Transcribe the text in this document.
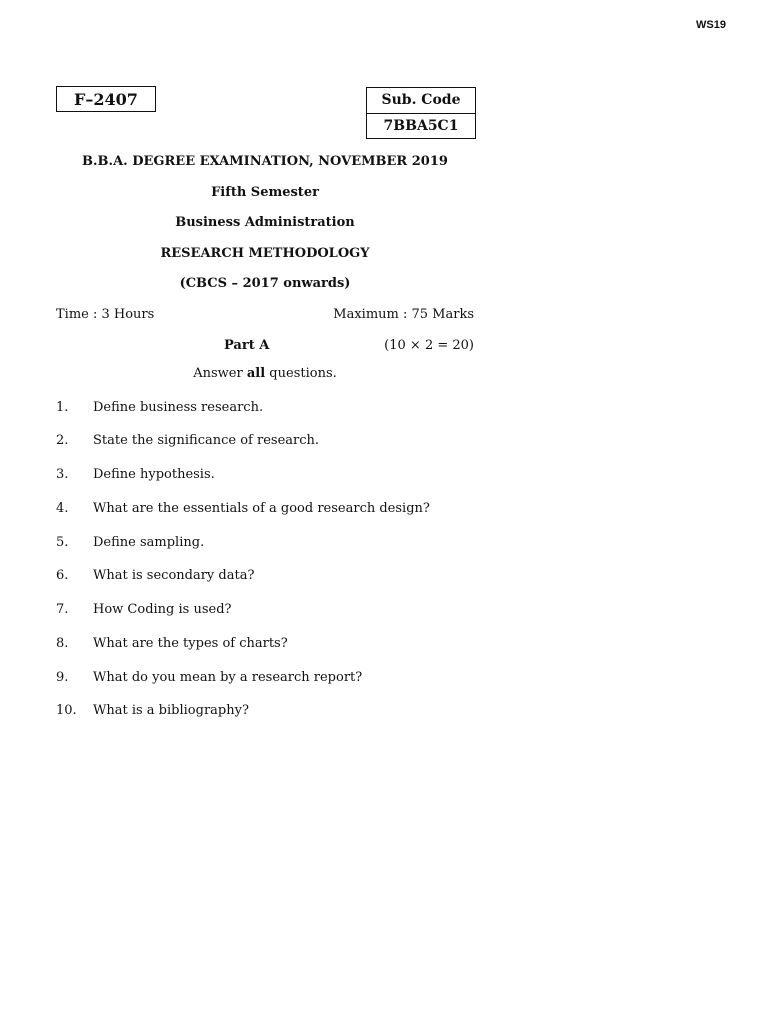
WS19
F–2407	Sub. Code
7BBA5C1
B.B.A. DEGREE EXAMINATION, NOVEMBER 2019
Fifth Semester
Business Administration
RESEARCH METHODOLOGY
(CBCS – 2017 onwards)
Time : 3 Hours	Maximum : 75 Marks
Part A	(10 × 2 = 20)
Answer all questions.
1. Define business research.
2. State the significance of research.
3. Define hypothesis.
4. What are the essentials of a good research design?
5. Define sampling.
6. What is secondary data?
7. How Coding is used?
8. What are the types of charts?
9. What do you mean by a research report?
10. What is a bibliography?
